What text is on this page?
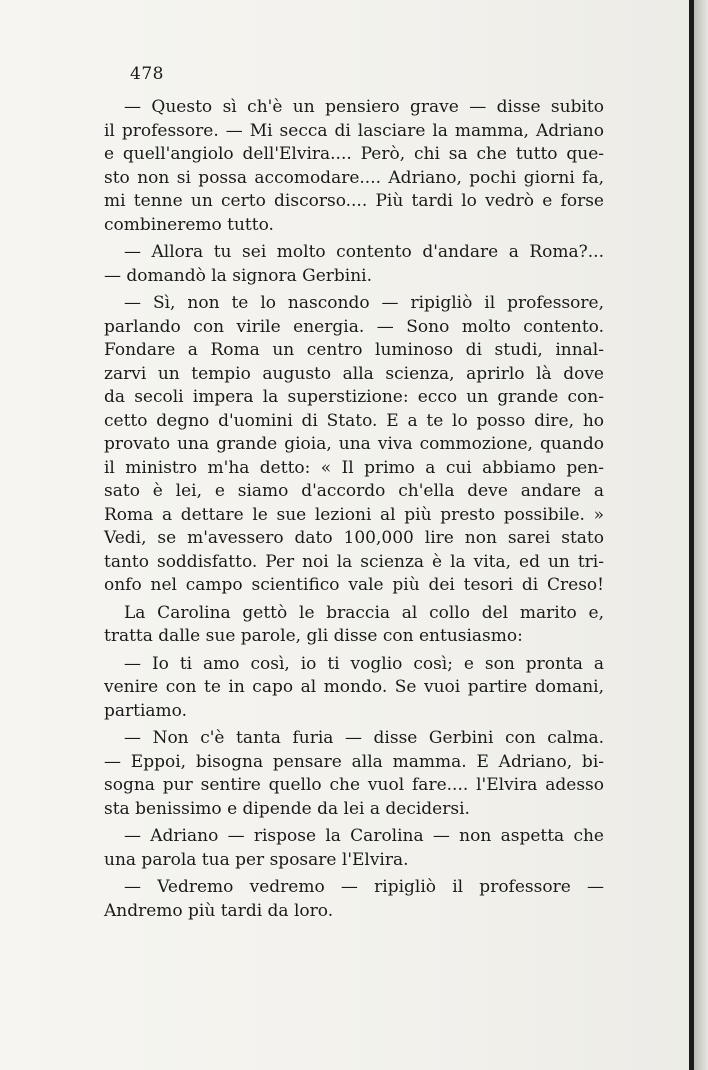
478
— Questo sì ch'è un pensiero grave — disse subito
il professore. — Mi secca di lasciare la mamma, Adriano
e quell'angiolo dell'Elvira.... Però, chi sa che tutto que-
sto non si possa accomodare.... Adriano, pochi giorni fa,
mi tenne un certo discorso.... Più tardi lo vedrò e forse
combineremo tutto.
— Allora tu sei molto contento d'andare a Roma?...
— domandò la signora Gerbini.
— Sì, non te lo nascondo — ripigliò il professore,
parlando con virile energia. — Sono molto contento.
Fondare a Roma un centro luminoso di studi, innal-
zarvi un tempio augusto alla scienza, aprirlo là dove
da secoli impera la superstizione: ecco un grande con-
cetto degno d'uomini di Stato. E a te lo posso dire, ho
provato una grande gioia, una viva commozione, quando
il ministro m'ha detto: « Il primo a cui abbiamo pen-
sato è lei, e siamo d'accordo ch'ella deve andare a
Roma a dettare le sue lezioni al più presto possibile. »
Vedi, se m'avessero dato 100,000 lire non sarei stato
tanto soddisfatto. Per noi la scienza è la vita, ed un tri-
onfo nel campo scientifico vale più dei tesori di Creso!
La Carolina gettò le braccia al collo del marito e,
tratta dalle sue parole, gli disse con entusiasmo:
— Io ti amo così, io ti voglio così; e son pronta a
venire con te in capo al mondo. Se vuoi partire domani,
partiamo.
— Non c'è tanta furia — disse Gerbini con calma.
— Eppoi, bisogna pensare alla mamma. E Adriano, bi-
sogna pur sentire quello che vuol fare.... l'Elvira adesso
sta benissimo e dipende da lei a decidersi.
— Adriano — rispose la Carolina — non aspetta che
una parola tua per sposare l'Elvira.
— Vedremo vedremo — ripigliò il professore —
Andremo più tardi da loro.
